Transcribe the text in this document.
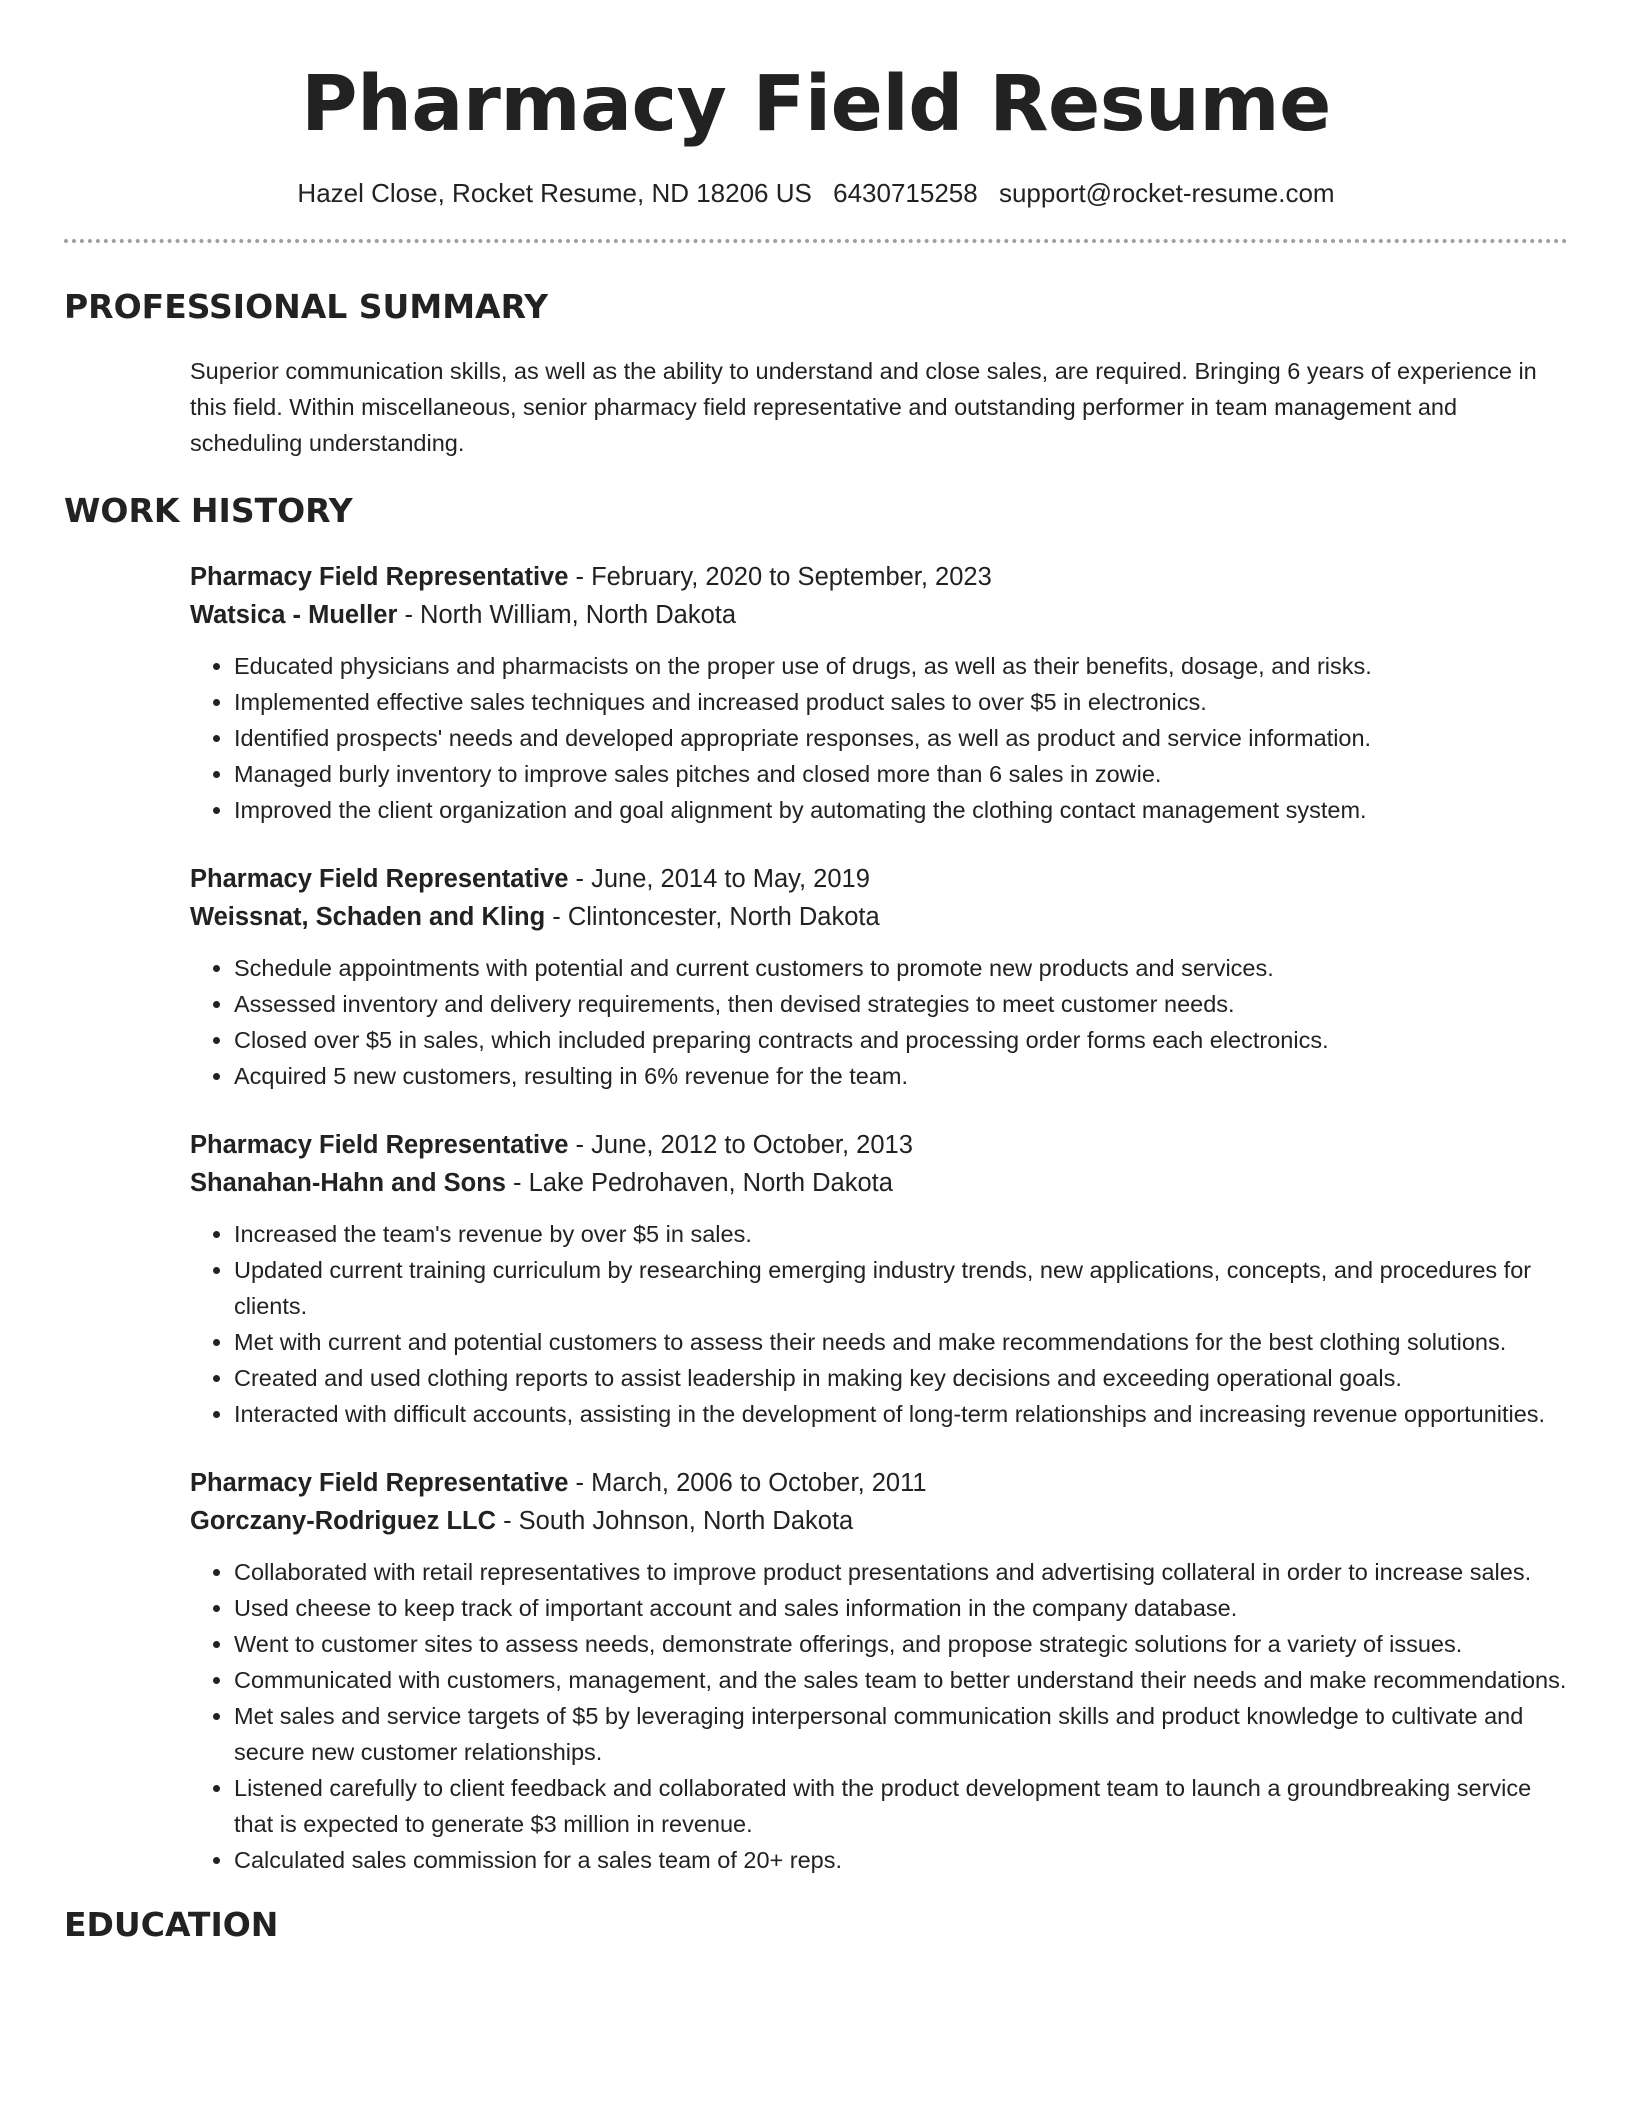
Pharmacy Field Resume
Hazel Close, Rocket Resume, ND 18206 US 6430715258 support@rocket-resume.com
PROFESSIONAL SUMMARY

Superior communication skills, as well as the ability to understand and close sales, are required. Bringing 6 years of experience in this field. Within miscellaneous, senior pharmacy field representative and outstanding performer in team management and scheduling understanding.

WORK HISTORY
Pharmacy Field Representative - February, 2020 to September, 2023
Watsica - Mueller - North William, North Dakota
• Educated physicians and pharmacists on the proper use of drugs, as well as their benefits, dosage, and risks.
• Implemented effective sales techniques and increased product sales to over $5 in electronics.
• Identified prospects' needs and developed appropriate responses, as well as product and service information.
• Managed burly inventory to improve sales pitches and closed more than 6 sales in zowie.
• Improved the client organization and goal alignment by automating the clothing contact management system.
Pharmacy Field Representative - June, 2014 to May, 2019
Weissnat, Schaden and Kling - Clintoncester, North Dakota
• Schedule appointments with potential and current customers to promote new products and services.
• Assessed inventory and delivery requirements, then devised strategies to meet customer needs.
• Closed over $5 in sales, which included preparing contracts and processing order forms each electronics.
• Acquired 5 new customers, resulting in 6% revenue for the team.
Pharmacy Field Representative - June, 2012 to October, 2013
Shanahan-Hahn and Sons - Lake Pedrohaven, North Dakota
• Increased the team's revenue by over $5 in sales.
• Updated current training curriculum by researching emerging industry trends, new applications, concepts, and procedures for clients.
• Met with current and potential customers to assess their needs and make recommendations for the best clothing solutions.
• Created and used clothing reports to assist leadership in making key decisions and exceeding operational goals.
• Interacted with difficult accounts, assisting in the development of long-term relationships and increasing revenue opportunities.
Pharmacy Field Representative - March, 2006 to October, 2011
Gorczany-Rodriguez LLC - South Johnson, North Dakota
• Collaborated with retail representatives to improve product presentations and advertising collateral in order to increase sales.
• Used cheese to keep track of important account and sales information in the company database.
• Went to customer sites to assess needs, demonstrate offerings, and propose strategic solutions for a variety of issues.
• Communicated with customers, management, and the sales team to better understand their needs and make recommendations.
• Met sales and service targets of $5 by leveraging interpersonal communication skills and product knowledge to cultivate and secure new customer relationships.
• Listened carefully to client feedback and collaborated with the product development team to launch a groundbreaking service that is expected to generate $3 million in revenue.
• Calculated sales commission for a sales team of 20+ reps.
EDUCATION
